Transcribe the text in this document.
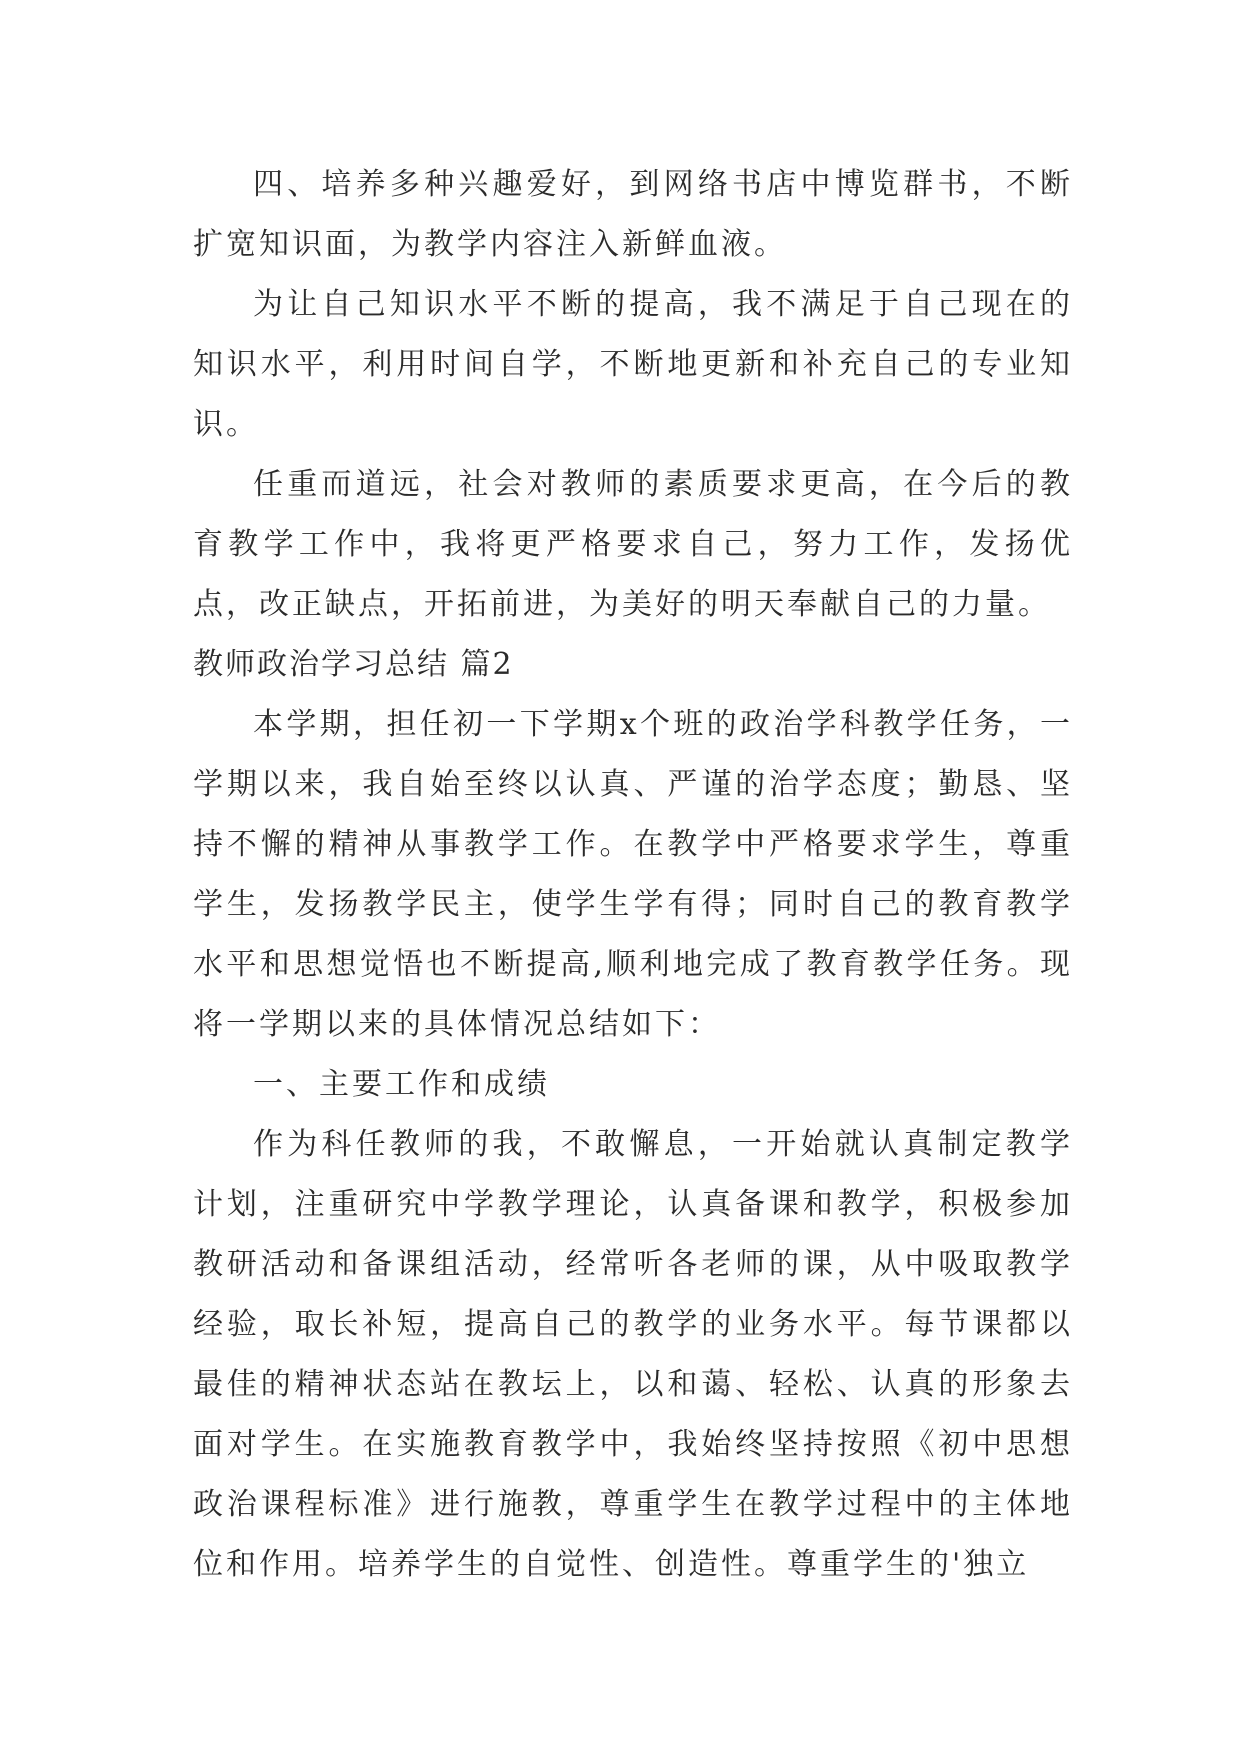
四、培养多种兴趣爱好，到网络书店中博览群书，不断扩宽知识面，为教学内容注入新鲜血液。

为让自己知识水平不断的提高，我不满足于自己现在的知识水平，利用时间自学，不断地更新和补充自己的专业知识。

任重而道远，社会对教师的素质要求更高，在今后的教育教学工作中，我将更严格要求自己，努力工作，发扬优点，改正缺点，开拓前进，为美好的明天奉献自己的力量。

教师政治学习总结 篇2

本学期，担任初一下学期x个班的政治学科教学任务，一学期以来，我自始至终以认真、严谨的治学态度；勤恳、坚持不懈的精神从事教学工作。在教学中严格要求学生，尊重学生，发扬教学民主，使学生学有得；同时自己的教育教学水平和思想觉悟也不断提高,顺利地完成了教育教学任务。现将一学期以来的具体情况总结如下：

一、主要工作和成绩

作为科任教师的我，不敢懈息，一开始就认真制定教学计划，注重研究中学教学理论，认真备课和教学，积极参加教研活动和备课组活动，经常听各老师的课，从中吸取教学经验，取长补短，提高自己的教学的业务水平。每节课都以最佳的精神状态站在教坛上，以和蔼、轻松、认真的形象去面对学生。在实施教育教学中，我始终坚持按照《初中思想政治课程标准》进行施教，尊重学生在教学过程中的主体地位和作用。培养学生的自觉性、创造性。尊重学生的'独立
